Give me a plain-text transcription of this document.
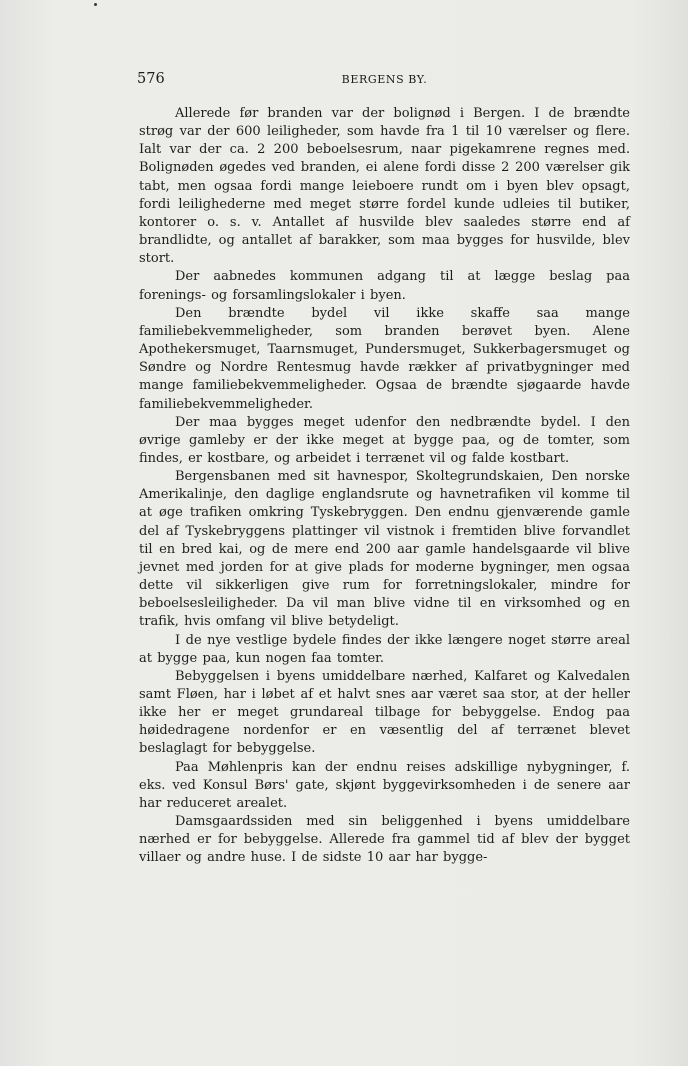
576	BERGENS BY.

Allerede før branden var der bolignød i Bergen. I de brændte strøg var der 600 leiligheder, som havde fra 1 til 10 værelser og flere. Ialt var der ca. 2 200 beboelsesrum, naar pigekamrene regnes med. Bolignøden øgedes ved branden, ei alene fordi disse 2 200 værelser gik tabt, men ogsaa fordi mange leieboere rundt om i byen blev opsagt, fordi leilighederne med meget større fordel kunde udleies til butiker, kontorer o. s. v. Antallet af husvilde blev saaledes større end af brandlidte, og antallet af barakker, som maa bygges for husvilde, blev stort.

Der aabnedes kommunen adgang til at lægge beslag paa forenings- og forsamlingslokaler i byen.

Den brændte bydel vil ikke skaffe saa mange familiebekvemmeligheder, som branden berøvet byen. Alene Apothekersmuget, Taarnsmuget, Pundersmuget, Sukkerbagersmuget og Søndre og Nordre Rentesmug havde rækker af privatbygninger med mange familiebekvemmeligheder. Ogsaa de brændte sjøgaarde havde familiebekvemmeligheder.

Der maa bygges meget udenfor den nedbrændte bydel. I den øvrige gamleby er der ikke meget at bygge paa, og de tomter, som findes, er kostbare, og arbeidet i terrænet vil og falde kostbart.

Bergensbanen med sit havnespor, Skoltegrundskaien, Den norske Amerikalinje, den daglige englandsrute og havnetrafiken vil komme til at øge trafiken omkring Tyskebryggen. Den endnu gjenværende gamle del af Tyskebryggens plattinger vil vistnok i fremtiden blive forvandlet til en bred kai, og de mere end 200 aar gamle handelsgaarde vil blive jevnet med jorden for at give plads for moderne bygninger, men ogsaa dette vil sikkerligen give rum for forretningslokaler, mindre for beboelsesleiligheder. Da vil man blive vidne til en virksomhed og en trafik, hvis omfang vil blive betydeligt.

I de nye vestlige bydele findes der ikke længere noget større areal at bygge paa, kun nogen faa tomter.

Bebyggelsen i byens umiddelbare nærhed, Kalfaret og Kalvedalen samt Fløen, har i løbet af et halvt snes aar været saa stor, at der heller ikke her er meget grundareal tilbage for bebyggelse. Endog paa høidedragene nordenfor er en væsentlig del af terrænet blevet beslaglagt for bebyggelse.

Paa Møhlenpris kan der endnu reises adskillige nybygninger, f. eks. ved Konsul Børs' gate, skjønt byggevirksomheden i de senere aar har reduceret arealet.

Damsgaardssiden med sin beliggenhed i byens umiddelbare nærhed er for bebyggelse. Allerede fra gammel tid af blev der bygget villaer og andre huse. I de sidste 10 aar har bygge-
